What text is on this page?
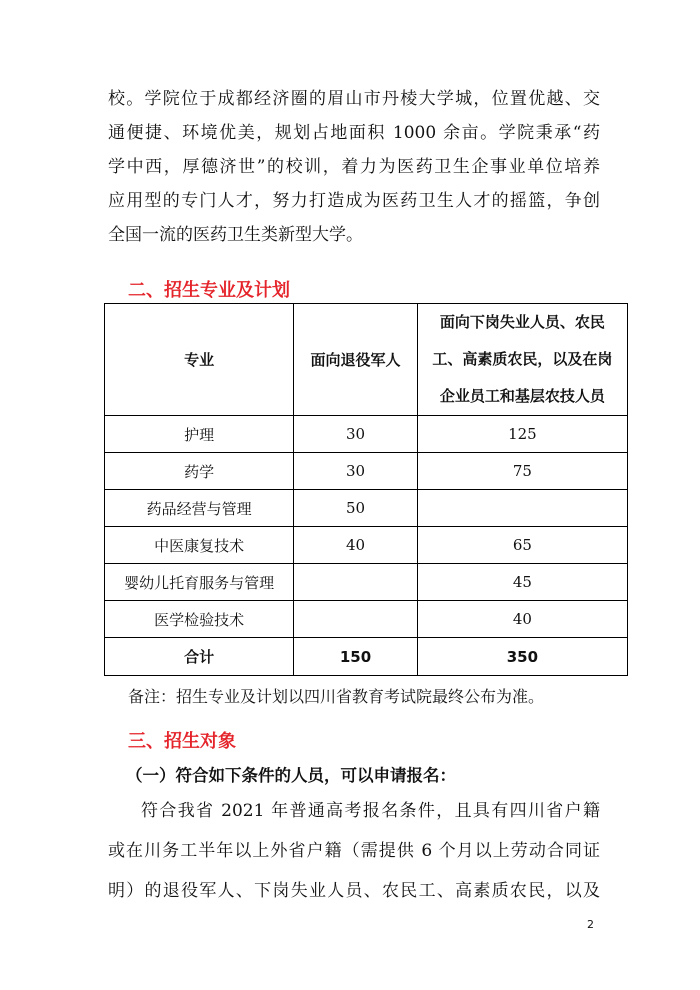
校。学院位于成都经济圈的眉山市丹棱大学城，位置优越、交
通便捷、环境优美，规划占地面积 1000 余亩。学院秉承“药
学中西，厚德济世”的校训，着力为医药卫生企事业单位培养
应用型的专门人才，努力打造成为医药卫生人才的摇篮，争创
全国一流的医药卫生类新型大学。
二、招生专业及计划
专业	面向退役军人	面向下岗失业人员、农民
工、高素质农民，以及在岗
企业员工和基层农技人员

护理	30	125
药学	30	75
药品经营与管理	50	
中医康复技术	40	65
婴幼儿托育服务与管理		45
医学检验技术		40
合计	150	350

备注：招生专业及计划以四川省教育考试院最终公布为准。

三、招生对象

（一）符合如下条件的人员，可以申请报名：

符合我省 2021 年普通高考报名条件，且具有四川省户籍
或在川务工半年以上外省户籍（需提供 6 个月以上劳动合同证
明）的退役军人、下岗失业人员、农民工、高素质农民，以及

2
